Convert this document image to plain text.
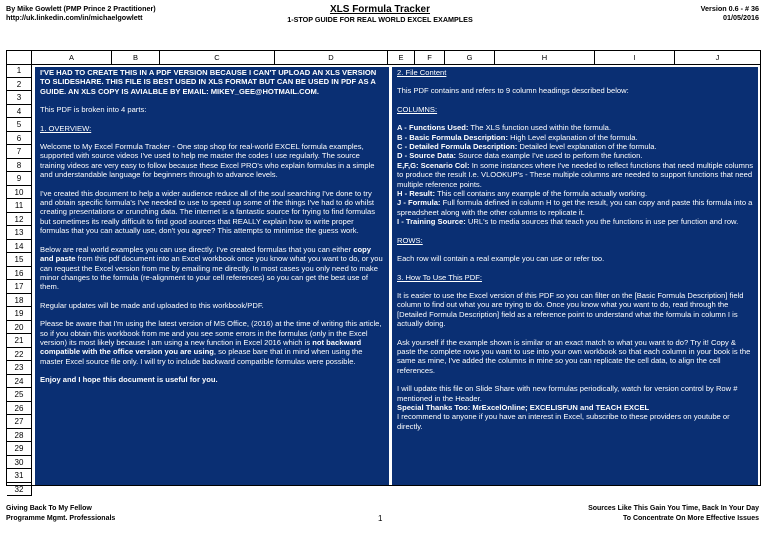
By Mike Gowlett (PMP Prince 2 Practitioner)
http://uk.linkedin.com/in/michaelgowlett
XLS Formula Tracker
1-STOP GUIDE FOR REAL WORLD EXCEL EXAMPLES
Version 0.6 - # 36
01/05/2016
A	B	C	D	E	F	G	H	I	J
1
2
3
4
5
6
7
8
9
10
11
12
13
14
15
16
17
18
19
20
21
22
23
24
25
26
27
28
29
30
31
32

I'VE HAD TO CREATE THIS IN A PDF VERSION BECAUSE I CAN'T UPLOAD AN XLS VERSION TO SLIDESHARE. THIS FILE IS BEST USED IN XLS FORMAT BUT CAN BE USED IN PDF AS A GUIDE. AN XLS COPY IS AVIALBLE BY EMAIL: MIKEY_GEE@HOTMAIL.COM.

This PDF is broken into 4 parts:

1. OVERVIEW:

Welcome to My Excel Formula Tracker - One stop shop for real-world EXCEL formula examples, supported with source videos I've used to help me master the codes I use regularly. The source training videos are very easy to follow because these Excel PRO's who explain formulas in a simple and understandable language for beginners through to advance levels.

I've created this document to help a wider audience reduce all of the soul searching I've done to try and obtain specific formula's I've needed to use to speed up some of the things I've had to do whilst creating presentations or crunching data. The internet is a fantastic source for trying to find formulas but sometimes its really difficult to find good sources that REALLY explain how to write proper formulas that you can actually use, don't you agree? This attempts to minimise the guess work.

Below are real world examples you can use directly. I've created formulas that you can either copy and paste from this pdf document into an Excel workbook once you know what you want to do, or you can request the Excel version from me by emailing me directly. In most cases you only need to make minor changes to the formula (re-alignment to your cell references) so you can get the best use of them.

Regular updates will be made and uploaded to this workbook/PDF.

Please be aware that I'm using the latest version of MS Office, (2016) at the time of writing this article, so if you obtain this workbook from me and you see some errors in the formulas (only in the Excel version) its most likely because I am using a new function in Excel 2016 which is not backward compatible with the office version you are using, so please bare that in mind when using the master Excel source file only. I will try to include backward compatible formulas were possible.

Enjoy and I hope this document is useful for you.

2. File Content

This PDF contains and refers to 9 column headings described below:

COLUMNS:

A - Functions Used: The XLS function used within the formula.

B - Basic Formula Description: High Level explanation of the formula.

C - Detailed Formula Description: Detailed level explanation of the formula.

D - Source Data: Source data example I've used to perform the function.

E,F,G: Scenario Col: In some instances where I've needed to reflect functions that need multiple columns to produce the result I.e. VLOOKUP's - These multiple columns are needed to support functions that need multiple reference points.

H - Result: This cell contains any example of the formula actually working.

J - Formula: Full formula defined in column H to get the result, you can copy and paste this formula into a spreadsheet along with the other columns to replicate it.

I - Training Source: URL's to media sources that teach you the functions in use per function and row.

ROWS:

Each row will contain a real example you can use or refer too.

3. How To Use This PDF:

It is easier to use the Excel version of this PDF so you can filter on the [Basic Formula Description] field column to find out what you are trying to do. Once you know what you want to do, read through the [Detailed Formula Description] field as a reference point to understand what the formula in column I is actually doing.

Ask yourself if the example shown is similar or an exact match to what you want to do? Try it! Copy & paste the complete rows you want to use into your own workbook so that each column in your book is the same as mine, I've added the columns in mine so you can replicate the cell data, to align the cell references.

I will update this file on Slide Share with new formulas periodically, watch for version control by Row # mentioned in the Header.

Special Thanks Too: MrExcelOnline; EXCELISFUN and TEACH EXCEL

I recommend to anyone if you have an interest in Excel, subscribe to these providers on youtube or directly.

Giving Back To My Fellow
Programme Mgmt. Professionals	1
Sources Like This Gain You Time, Back In Your Day
To Concentrate On More Effective Issues
